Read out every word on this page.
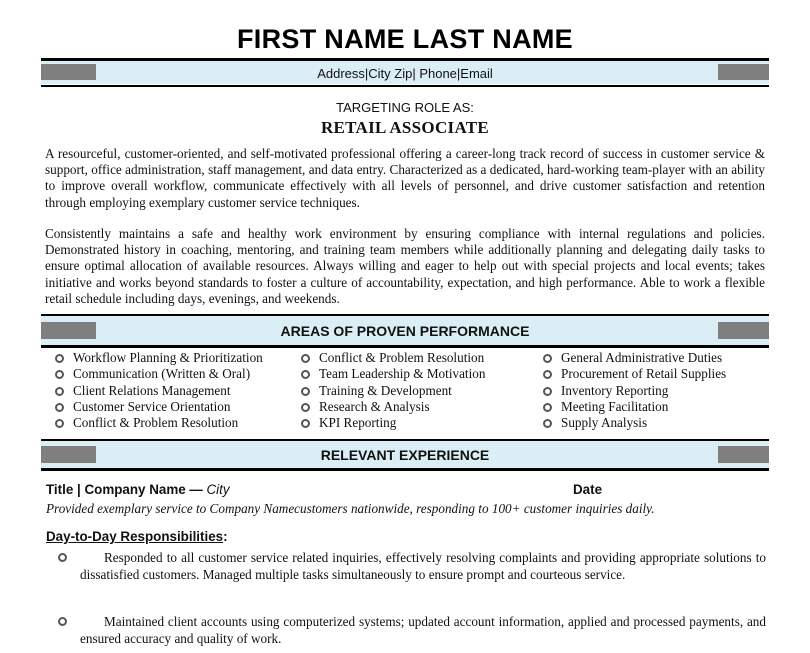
FIRST NAME LAST NAME
Address|City Zip| Phone|Email
TARGETING ROLE AS:
RETAIL ASSOCIATE

A resourceful, customer-oriented, and self-motivated professional offering a career-long track record of success in customer service & support, office administration, staff management, and data entry. Characterized as a dedicated, hard-working team-player with an ability to improve overall workflow, communicate effectively with all levels of personnel, and drive customer satisfaction and retention through employing exemplary customer service techniques.

Consistently maintains a safe and healthy work environment by ensuring compliance with internal regulations and policies. Demonstrated history in coaching, mentoring, and training team members while additionally planning and delegating daily tasks to ensure optimal allocation of available resources. Always willing and eager to help out with special projects and local events; takes initiative and works beyond standards to foster a culture of accountability, expectation, and high performance. Able to work a flexible retail schedule including days, evenings, and weekends.

AREAS OF PROVEN PERFORMANCE
Workflow Planning & Prioritization
Communication (Written & Oral)
Client Relations Management
Customer Service Orientation
Conflict & Problem Resolution
Conflict & Problem Resolution
Team Leadership & Motivation
Training & Development
Research & Analysis
KPI Reporting
General Administrative Duties
Procurement of Retail Supplies
Inventory Reporting
Meeting Facilitation
Supply Analysis
RELEVANT EXPERIENCE
Title | Company Name — City	Date
Provided exemplary service to Company Namecustomers nationwide, responding to 100+ customer inquiries daily.
Day-to-Day Responsibilities:
Responded to all customer service related inquiries, effectively resolving complaints and providing appropriate solutions to dissatisfied customers. Managed multiple tasks simultaneously to ensure prompt and courteous service.
Maintained client accounts using computerized systems; updated account information, applied and processed payments, and ensured accuracy and quality of work.
